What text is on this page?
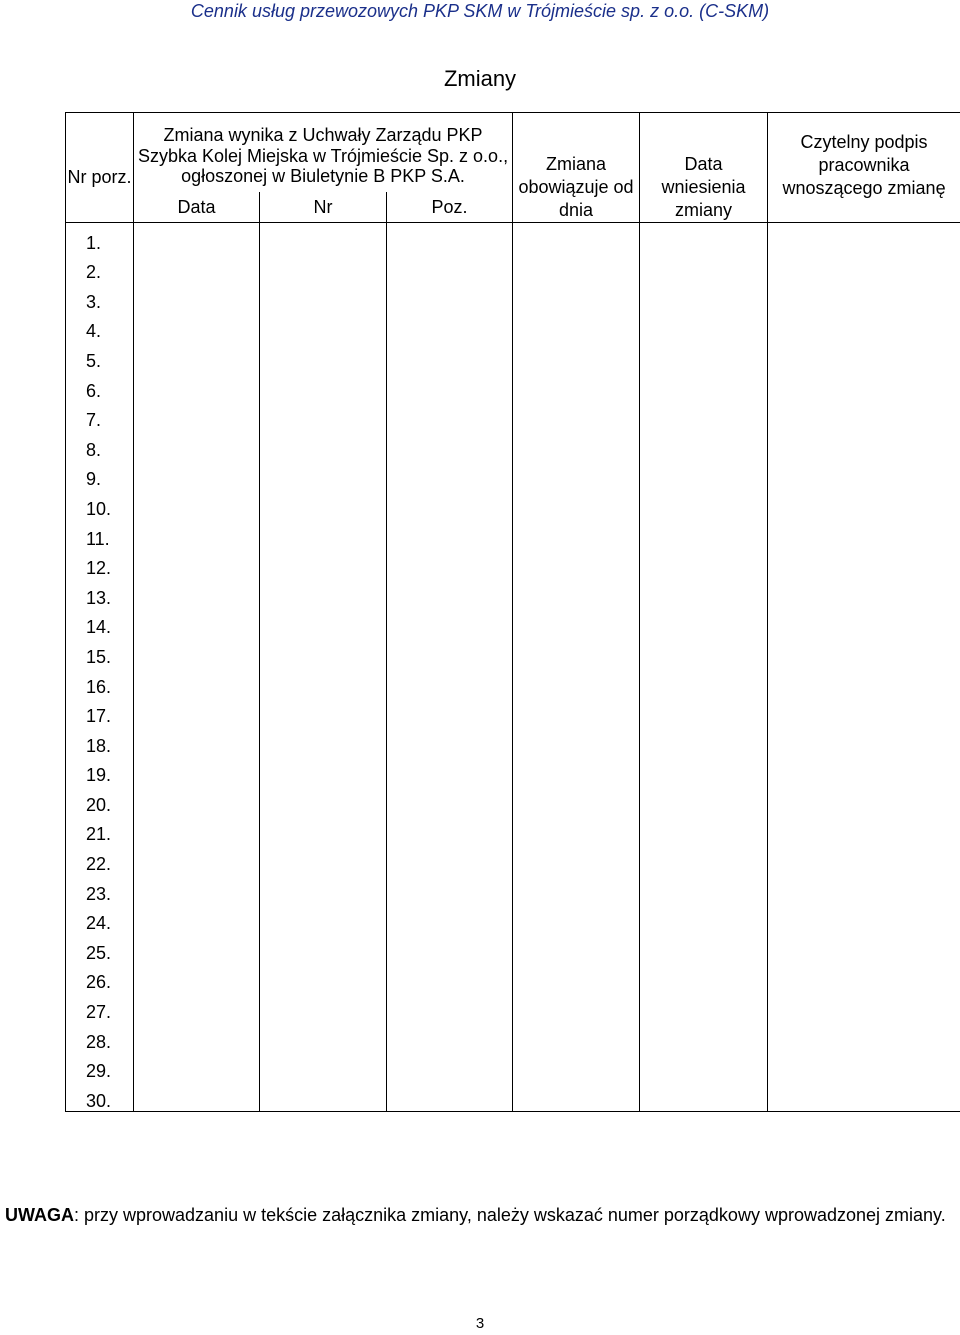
Cennik usług przewozowych PKP SKM w Trójmieście sp. z o.o. (C-SKM)
Zmiany
Nr porz.	Zmiana wynika z Uchwały Zarządu PKP Szybka Kolej Miejska w Trójmieście Sp. z o.o., ogłoszonej w Biuletynie B PKP S.A.			Zmiana obowiązuje od dnia	Data wniesienia zmiany	Czytelny podpis pracownika wnoszącego zmianę
	Data	Nr	Poz.			
1.						
2.						
3.						
4.						
5.						
6.						
7.						
8.						
9.						
10.						
11.						
12.						
13.						
14.						
15.						
16.						
17.						
18.						
19.						
20.						
21.						
22.						
23.						
24.						
25.						
26.						
27.						
28.						
29.						
30.						
UWAGA: przy wprowadzaniu w tekście załącznika zmiany, należy wskazać numer porządkowy wprowadzonej zmiany.
3
